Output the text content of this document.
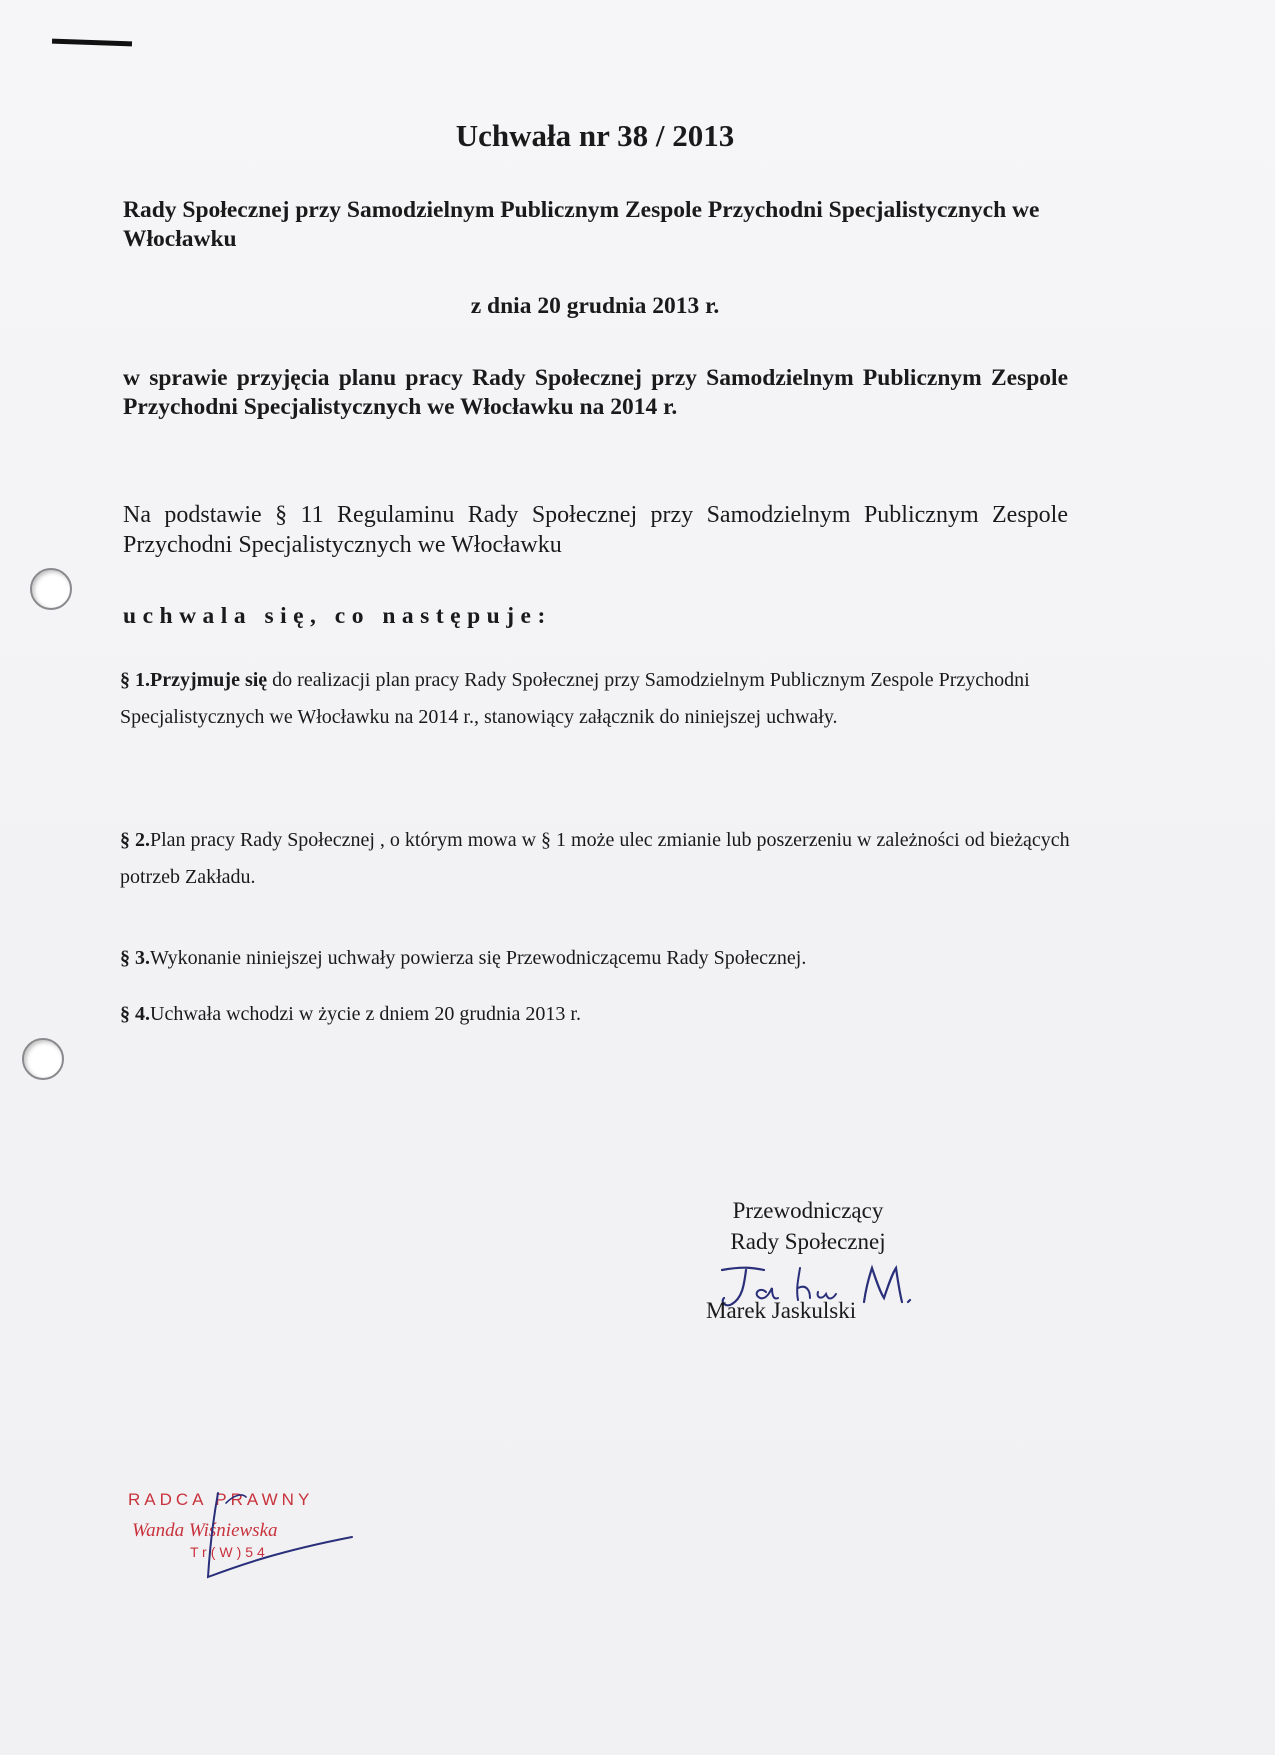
Uchwała nr 38 / 2013

Rady Społecznej przy Samodzielnym Publicznym Zespole Przychodni Specjalistycznych we Włocławku

z dnia 20 grudnia 2013 r.

w sprawie przyjęcia planu pracy Rady Społecznej przy Samodzielnym Publicznym Zespole Przychodni Specjalistycznych we Włocławku na 2014 r.

Na podstawie § 11 Regulaminu Rady Społecznej przy Samodzielnym Publicznym Zespole Przychodni Specjalistycznych we Włocławku

uchwala się, co następuje:

§ 1.Przyjmuje się do realizacji plan pracy Rady Społecznej przy Samodzielnym Publicznym Zespole Przychodni Specjalistycznych we Włocławku na 2014 r., stanowiący załącznik do niniejszej uchwały.

§ 2.Plan pracy Rady Społecznej , o którym mowa w § 1 może ulec zmianie lub poszerzeniu w zależności od bieżących potrzeb Zakładu.

§ 3.Wykonanie niniejszej uchwały powierza się Przewodniczącemu Rady Społecznej.

§ 4.Uchwała wchodzi w życie z dniem 20 grudnia 2013 r.

Przewodniczący
Rady Społecznej
Marek Jaskulski
RADCA PRAWNY
Wanda Wiśniewska
Tr(W)54
